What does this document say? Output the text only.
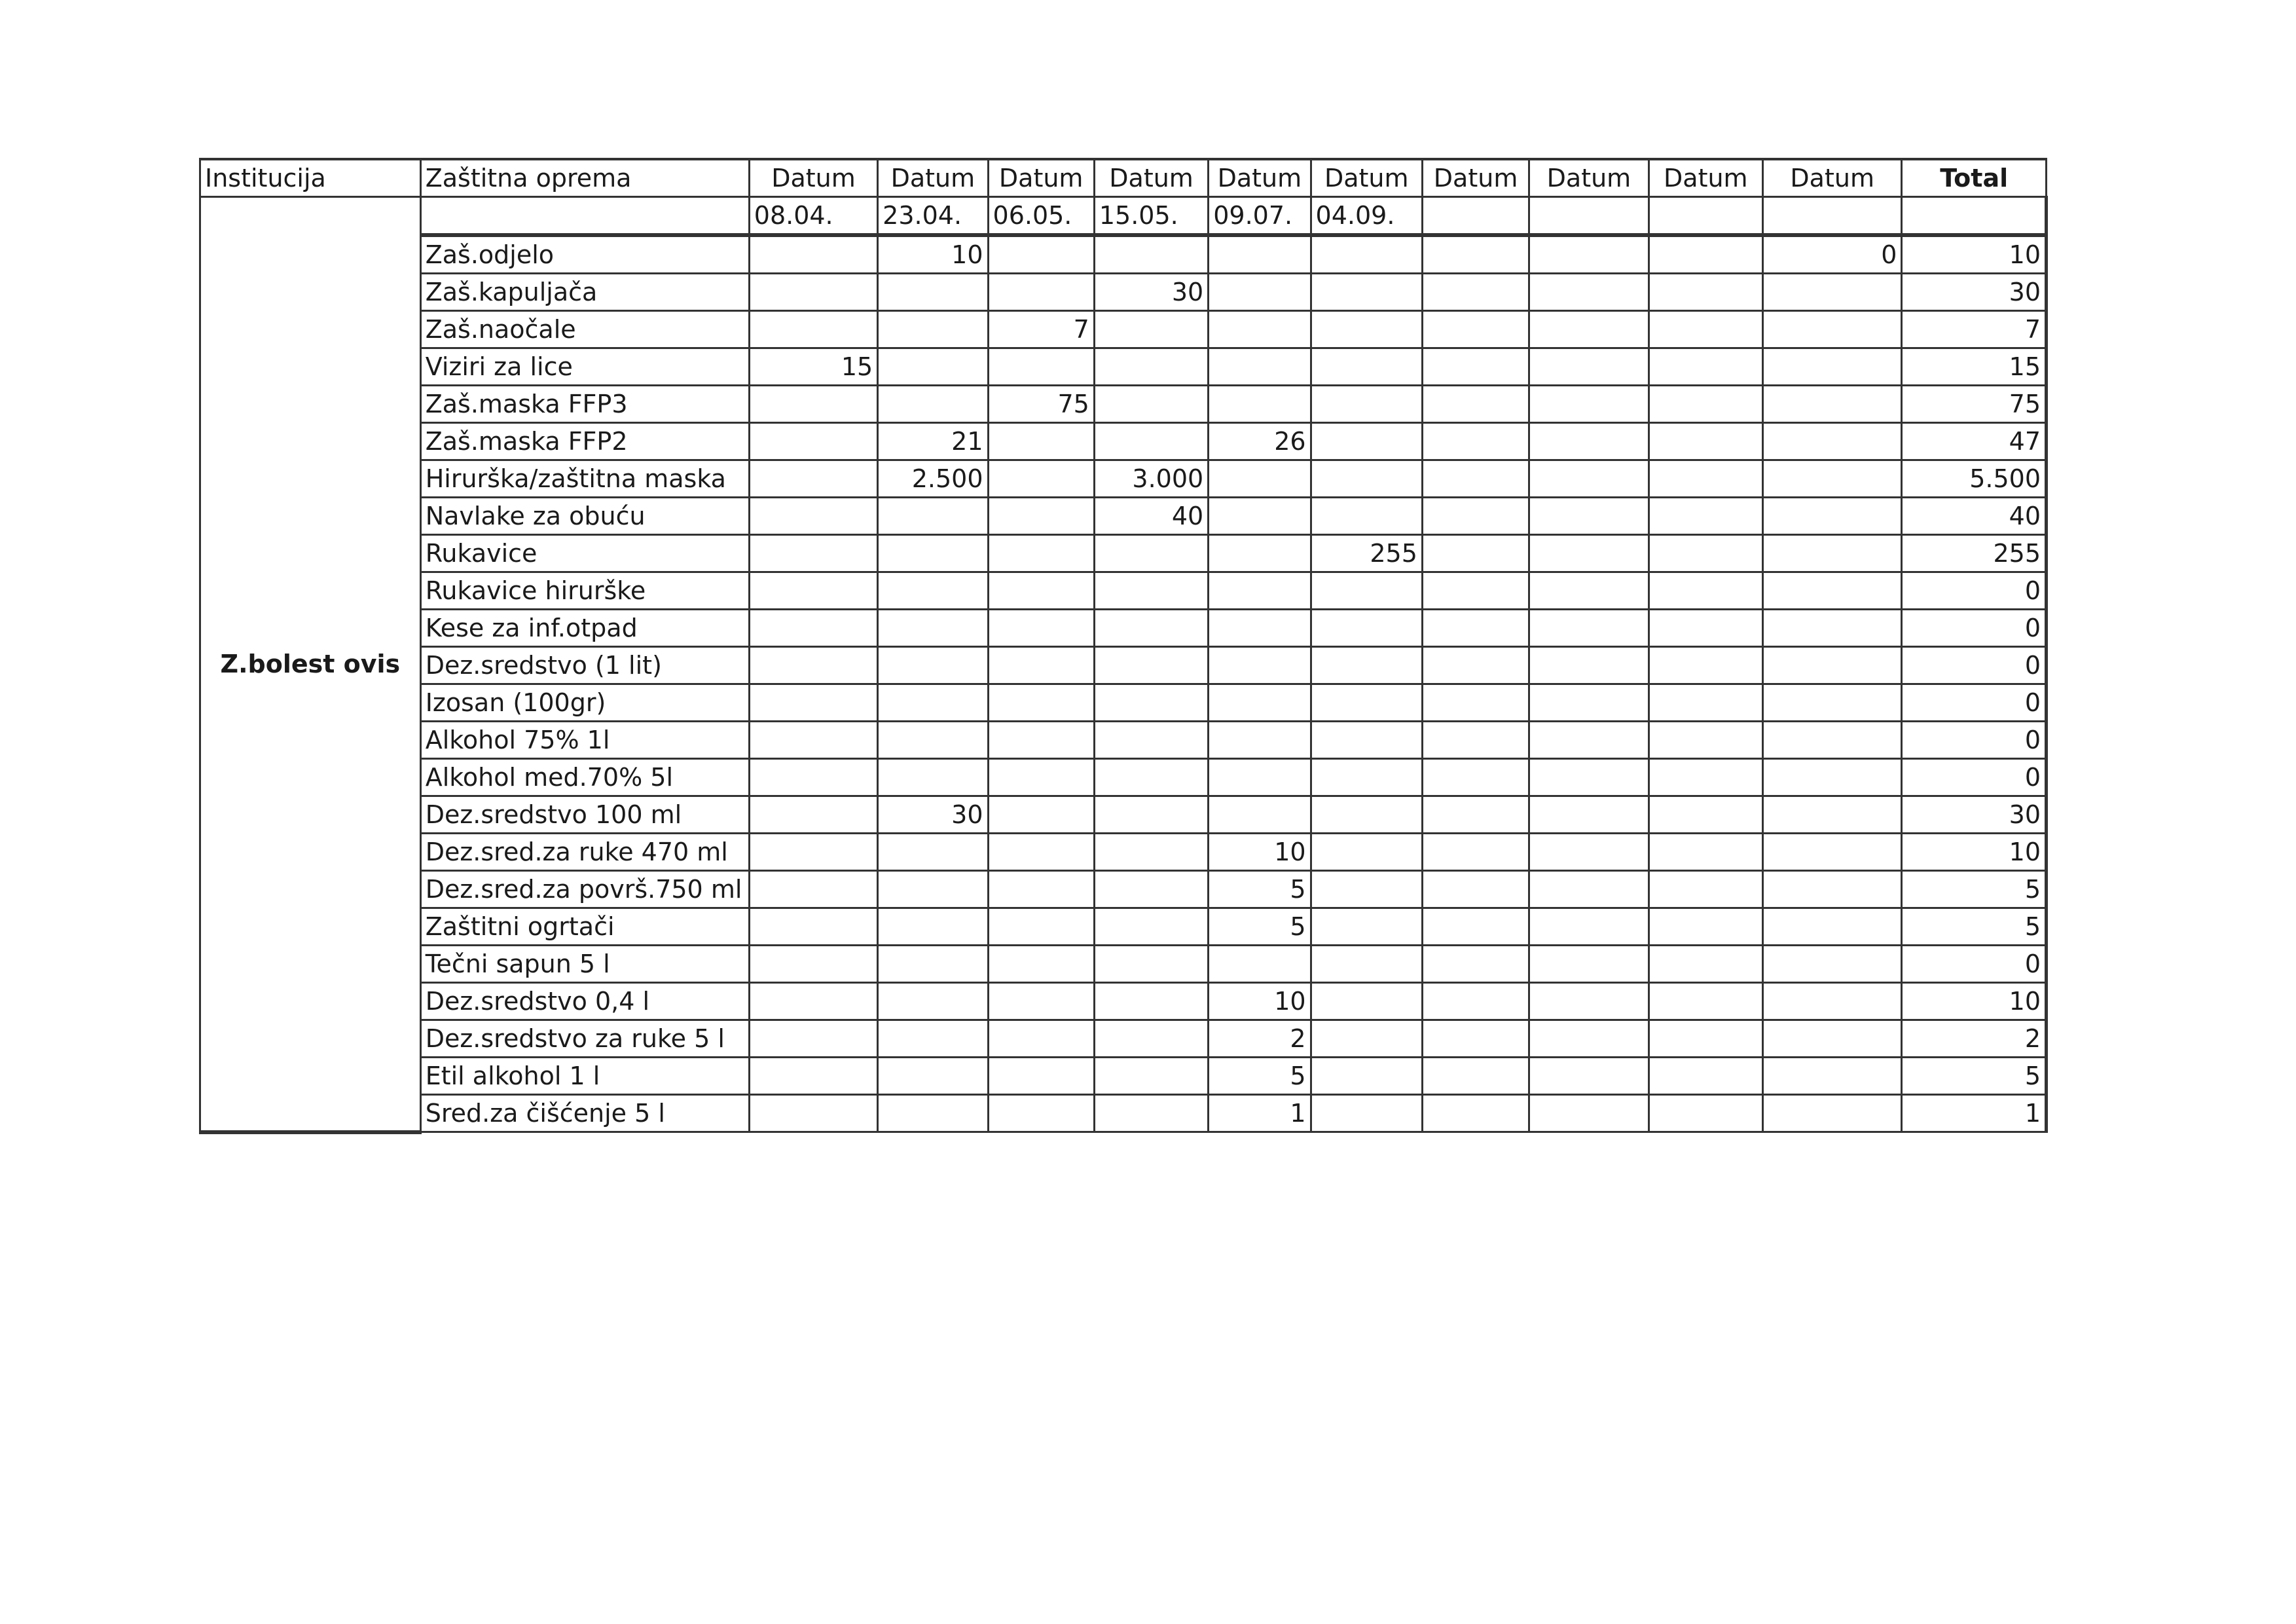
Institucija	Zaštitna oprema	Datum	Datum	Datum	Datum	Datum	Datum	Datum	Datum	Datum	Datum	Total
Z.bolest ovis		08.04.	23.04.	06.05.	15.05.	09.07.	04.09.					
	Zaš.odjelo		10								0	10
	Zaš.kapuljača				30							30
	Zaš.naočale			7								7
	Viziri za lice	15										15
	Zaš.maska FFP3			75								75
	Zaš.maska FFP2		21			26						47
	Hirurška/zaštitna maska		2.500		3.000							5.500
	Navlake za obuću				40							40
	Rukavice						255					255
	Rukavice hirurške											0
	Kese za inf.otpad											0
	Dez.sredstvo (1 lit)											0
	Izosan (100gr)											0
	Alkohol 75% 1l											0
	Alkohol med.70% 5l											0
	Dez.sredstvo 100 ml		30									30
	Dez.sred.za ruke 470 ml					10						10
	Dez.sred.za površ.750 ml					5						5
	Zaštitni ogrtači					5						5
	Tečni sapun 5 l											0
	Dez.sredstvo 0,4 l					10						10
	Dez.sredstvo za ruke 5 l					2						2
	Etil alkohol 1 l					5						5
	Sred.za čišćenje 5 l					1						1
